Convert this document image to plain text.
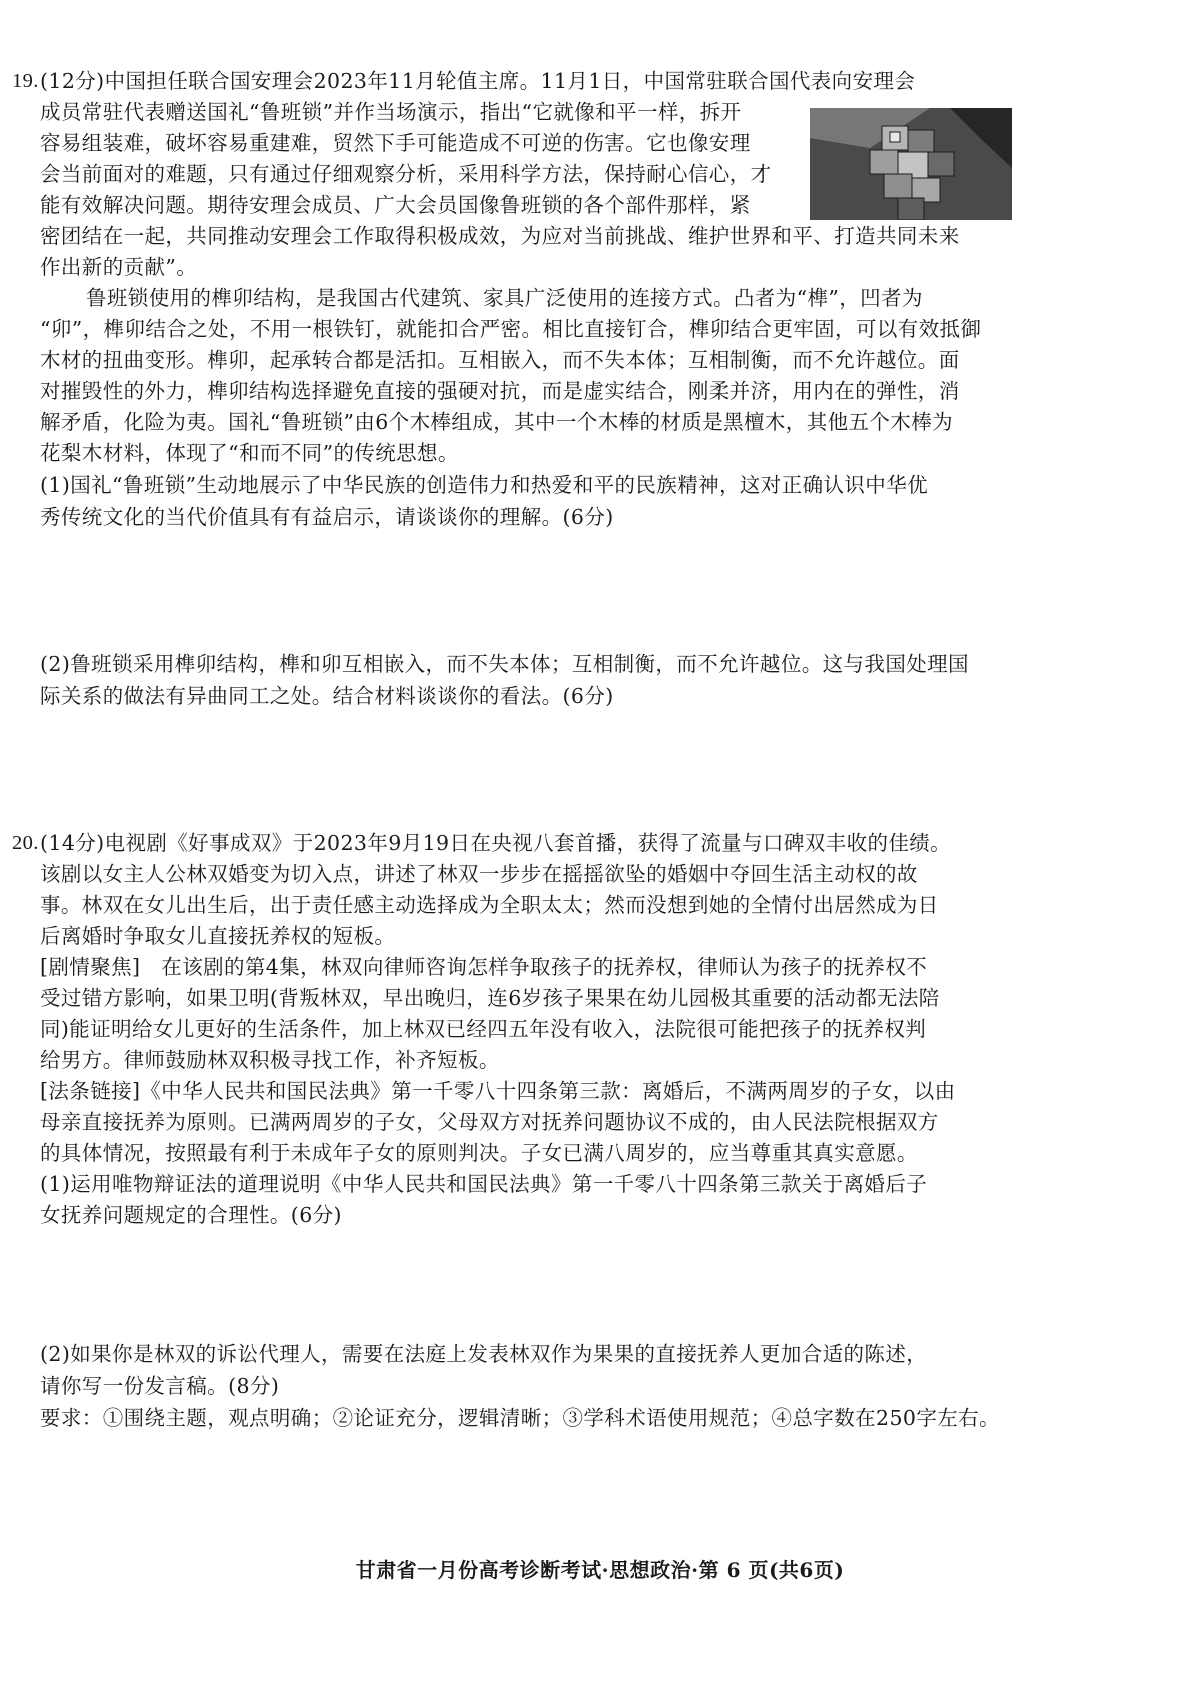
19. (12分)中国担任联合国安理会2023年11月轮值主席。11月1日，中国常驻联合国代表向安理会
成员常驻代表赠送国礼“鲁班锁”并作当场演示，指出“它就像和平一样，拆开
容易组装难，破坏容易重建难，贸然下手可能造成不可逆的伤害。它也像安理
会当前面对的难题，只有通过仔细观察分析，采用科学方法，保持耐心信心，才
能有效解决问题。期待安理会成员、广大会员国像鲁班锁的各个部件那样，紧
密团结在一起，共同推动安理会工作取得积极成效，为应对当前挑战、维护世界和平、打造共同未来
作出新的贡献”。
鲁班锁使用的榫卯结构，是我国古代建筑、家具广泛使用的连接方式。凸者为“榫”，凹者为
“卯”，榫卯结合之处，不用一根铁钉，就能扣合严密。相比直接钉合，榫卯结合更牢固，可以有效抵御
木材的扭曲变形。榫卯，起承转合都是活扣。互相嵌入，而不失本体；互相制衡，而不允许越位。面
对摧毁性的外力，榫卯结构选择避免直接的强硬对抗，而是虚实结合，刚柔并济，用内在的弹性，消
解矛盾，化险为夷。国礼“鲁班锁”由6个木棒组成，其中一个木棒的材质是黑檀木，其他五个木棒为
花梨木材料，体现了“和而不同”的传统思想。
(1)国礼“鲁班锁”生动地展示了中华民族的创造伟力和热爱和平的民族精神，这对正确认识中华优
秀传统文化的当代价值具有有益启示，请谈谈你的理解。(6分)
(2)鲁班锁采用榫卯结构，榫和卯互相嵌入，而不失本体；互相制衡，而不允许越位。这与我国处理国
际关系的做法有异曲同工之处。结合材料谈谈你的看法。(6分)
20. (14分)电视剧《好事成双》于2023年9月19日在央视八套首播，获得了流量与口碑双丰收的佳绩。
该剧以女主人公林双婚变为切入点，讲述了林双一步步在摇摇欲坠的婚姻中夺回生活主动权的故
事。林双在女儿出生后，出于责任感主动选择成为全职太太；然而没想到她的全情付出居然成为日
后离婚时争取女儿直接抚养权的短板。
[剧情聚焦]　在该剧的第4集，林双向律师咨询怎样争取孩子的抚养权，律师认为孩子的抚养权不
受过错方影响，如果卫明(背叛林双，早出晚归，连6岁孩子果果在幼儿园极其重要的活动都无法陪
同)能证明给女儿更好的生活条件，加上林双已经四五年没有收入，法院很可能把孩子的抚养权判
给男方。律师鼓励林双积极寻找工作，补齐短板。
[法条链接]《中华人民共和国民法典》第一千零八十四条第三款：离婚后，不满两周岁的子女，以由
母亲直接抚养为原则。已满两周岁的子女，父母双方对抚养问题协议不成的，由人民法院根据双方
的具体情况，按照最有利于未成年子女的原则判决。子女已满八周岁的，应当尊重其真实意愿。
(1)运用唯物辩证法的道理说明《中华人民共和国民法典》第一千零八十四条第三款关于离婚后子
女抚养问题规定的合理性。(6分)
(2)如果你是林双的诉讼代理人，需要在法庭上发表林双作为果果的直接抚养人更加合适的陈述，
请你写一份发言稿。(8分)
要求：①围绕主题，观点明确；②论证充分，逻辑清晰；③学科术语使用规范；④总字数在250字左右。
甘肃省一月份高考诊断考试·思想政治·第 6 页(共6页)
